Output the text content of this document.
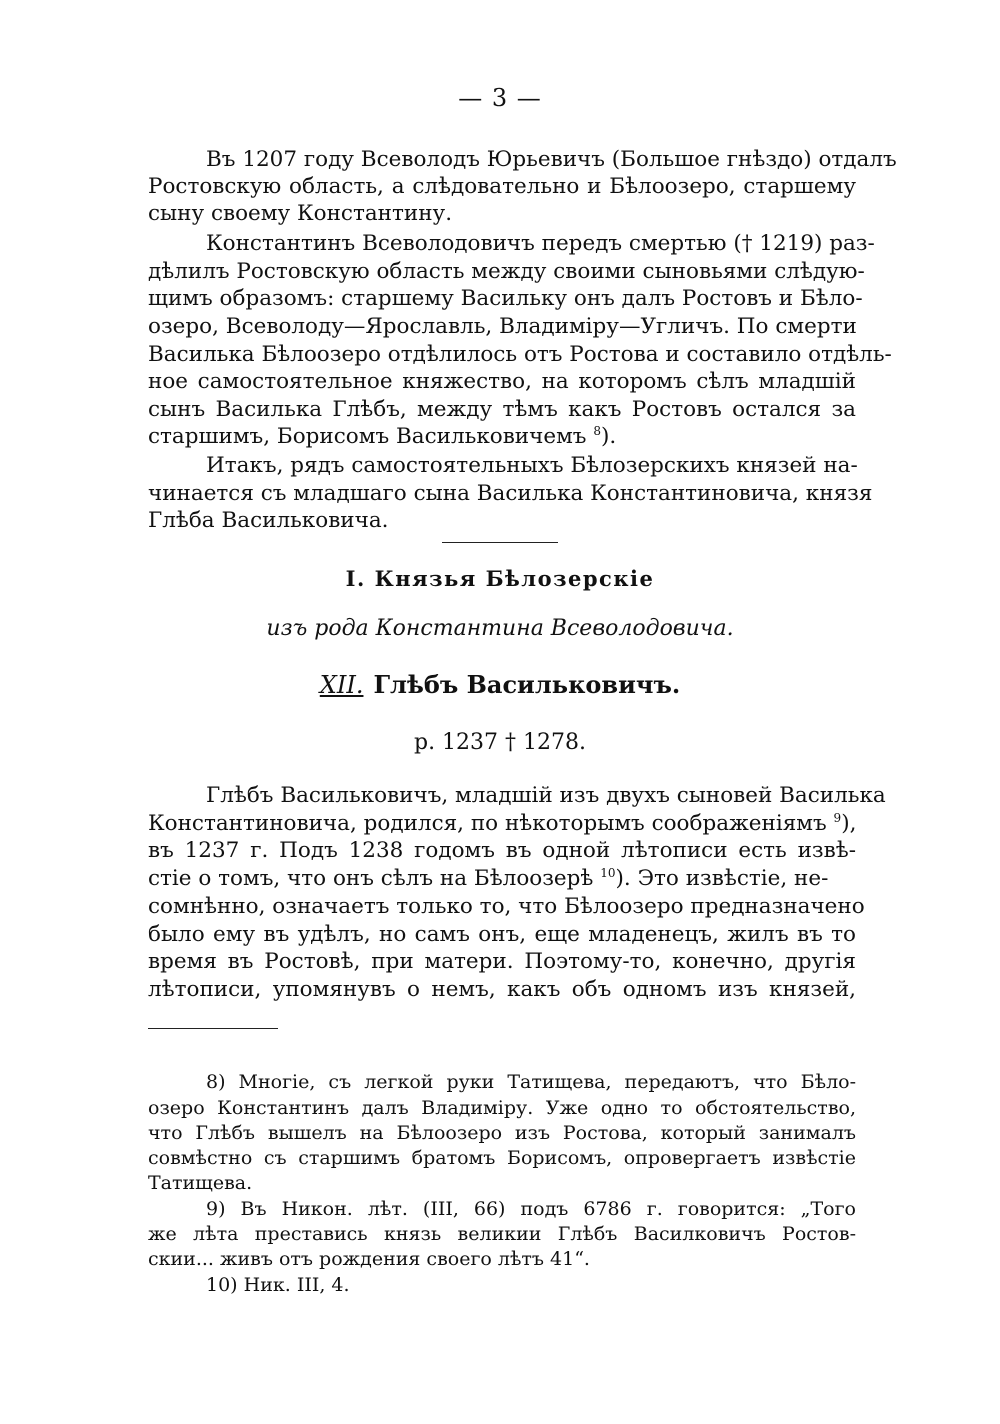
— 3 —
Въ 1207 году Всеволодъ Юрьевичъ (Большое гнѣздо) отдалъ
Ростовскую область, а слѣдовательно и Бѣлоозеро, старшему
сыну своему Константину.
Константинъ Всеволодовичъ передъ смертью († 1219) раз-
дѣлилъ Ростовскую область между своими сыновьями слѣдую-
щимъ образомъ: старшему Васильку онъ далъ Ростовъ и Бѣло-
озеро, Всеволоду—Ярославль, Владиміру—Угличъ. По смерти
Василька Бѣлоозеро отдѣлилось отъ Ростова и составило отдѣль-
ное самостоятельное княжество, на которомъ сѣлъ младшій
сынъ Василька Глѣбъ, между тѣмъ какъ Ростовъ остался за
старшимъ, Борисомъ Васильковичемъ $^8$).
Итакъ, рядъ самостоятельныхъ Бѣлозерскихъ князей на-
чинается съ младшаго сына Василька Константиновича, князя
Глѣба Васильковича.
I. Князья Бѣлозерскіе
изъ рода Константина Всеволодовича.
XII. Глѣбъ Васильковичъ.
р. 1237 † 1278.
Глѣбъ Васильковичъ, младшій изъ двухъ сыновей Василька
Константиновича, родился, по нѣкоторымъ соображеніямъ $^9$),
въ 1237 г. Подъ 1238 годомъ въ одной лѣтописи есть извѣ-
стіе о томъ, что онъ сѣлъ на Бѣлоозерѣ $^{10}$). Это извѣстіе, не-
сомнѣнно, означаетъ только то, что Бѣлоозеро предназначено
было ему въ удѣлъ, но самъ онъ, еще младенецъ, жилъ въ то
время въ Ростовѣ, при матери. Поэтому-то, конечно, другія
лѣтописи, упомянувъ о немъ, какъ объ одномъ изъ князей,
8) Многіе, съ легкой руки Татищева, передаютъ, что Бѣло-
озеро Константинъ далъ Владиміру. Уже одно то обстоятельство,
что Глѣбъ вышелъ на Бѣлоозеро изъ Ростова, который занималъ
совмѣстно съ старшимъ братомъ Борисомъ, опровергаетъ извѣстіе
Татищева.
9) Въ Никон. лѣт. (III, 66) подъ 6786 г. говорится: „Того
же лѣта преставись князь великии Глѣбъ Василковичъ Ростов-
скии... живъ отъ рождения своего лѣтъ 41“.
10) Ник. III, 4.
